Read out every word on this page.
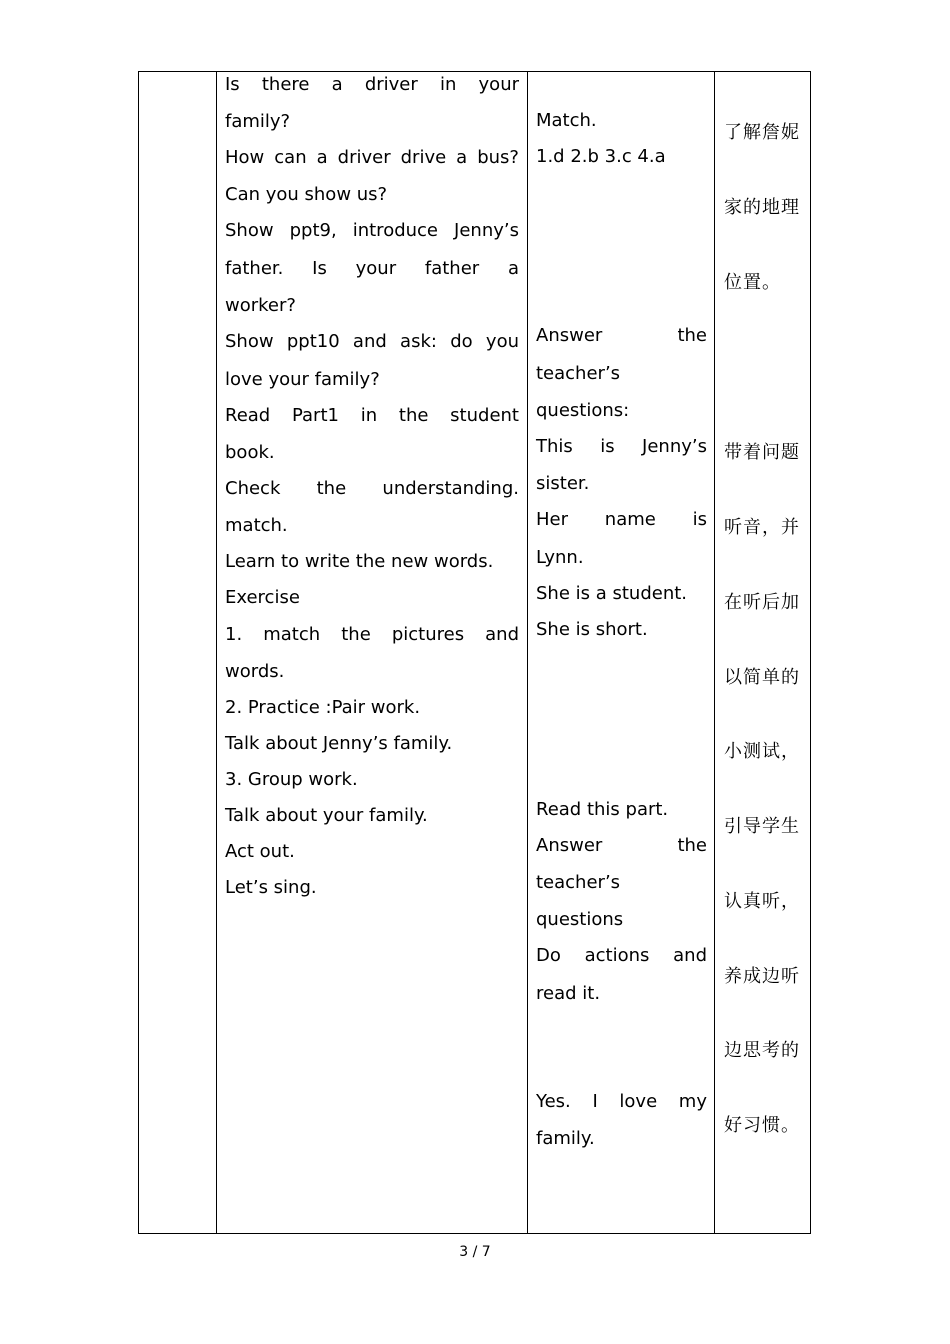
Is there a driver in your
family?
How can a driver drive a bus?
Can you show us?
Show ppt9, introduce Jenny’s
father. Is your father a
worker?
Show ppt10 and ask: do you
love your family?
Read Part1 in the student
book.
Check the understanding.
match.
Learn to write the new words.
Exercise
1. match the pictures and
words.
2. Practice :Pair work.
Talk about Jenny’s family.
3. Group work.
Talk about your family.
Act out.
Let’s sing.
Match.
1.d 2.b 3.c 4.a
Answer the
teacher’s
questions:
This is Jenny’s
sister.
Her name is
Lynn.
She is a student.
She is short.
Read this part.
Answer the
teacher’s
questions
Do actions and
read it.
Yes. I love my
family.
了解詹妮
家的地理
位置。
带着问题
听音，并
在听后加
以简单的
小测试，
引导学生
认真听，
养成边听
边思考的
好习惯。
3 / 7
